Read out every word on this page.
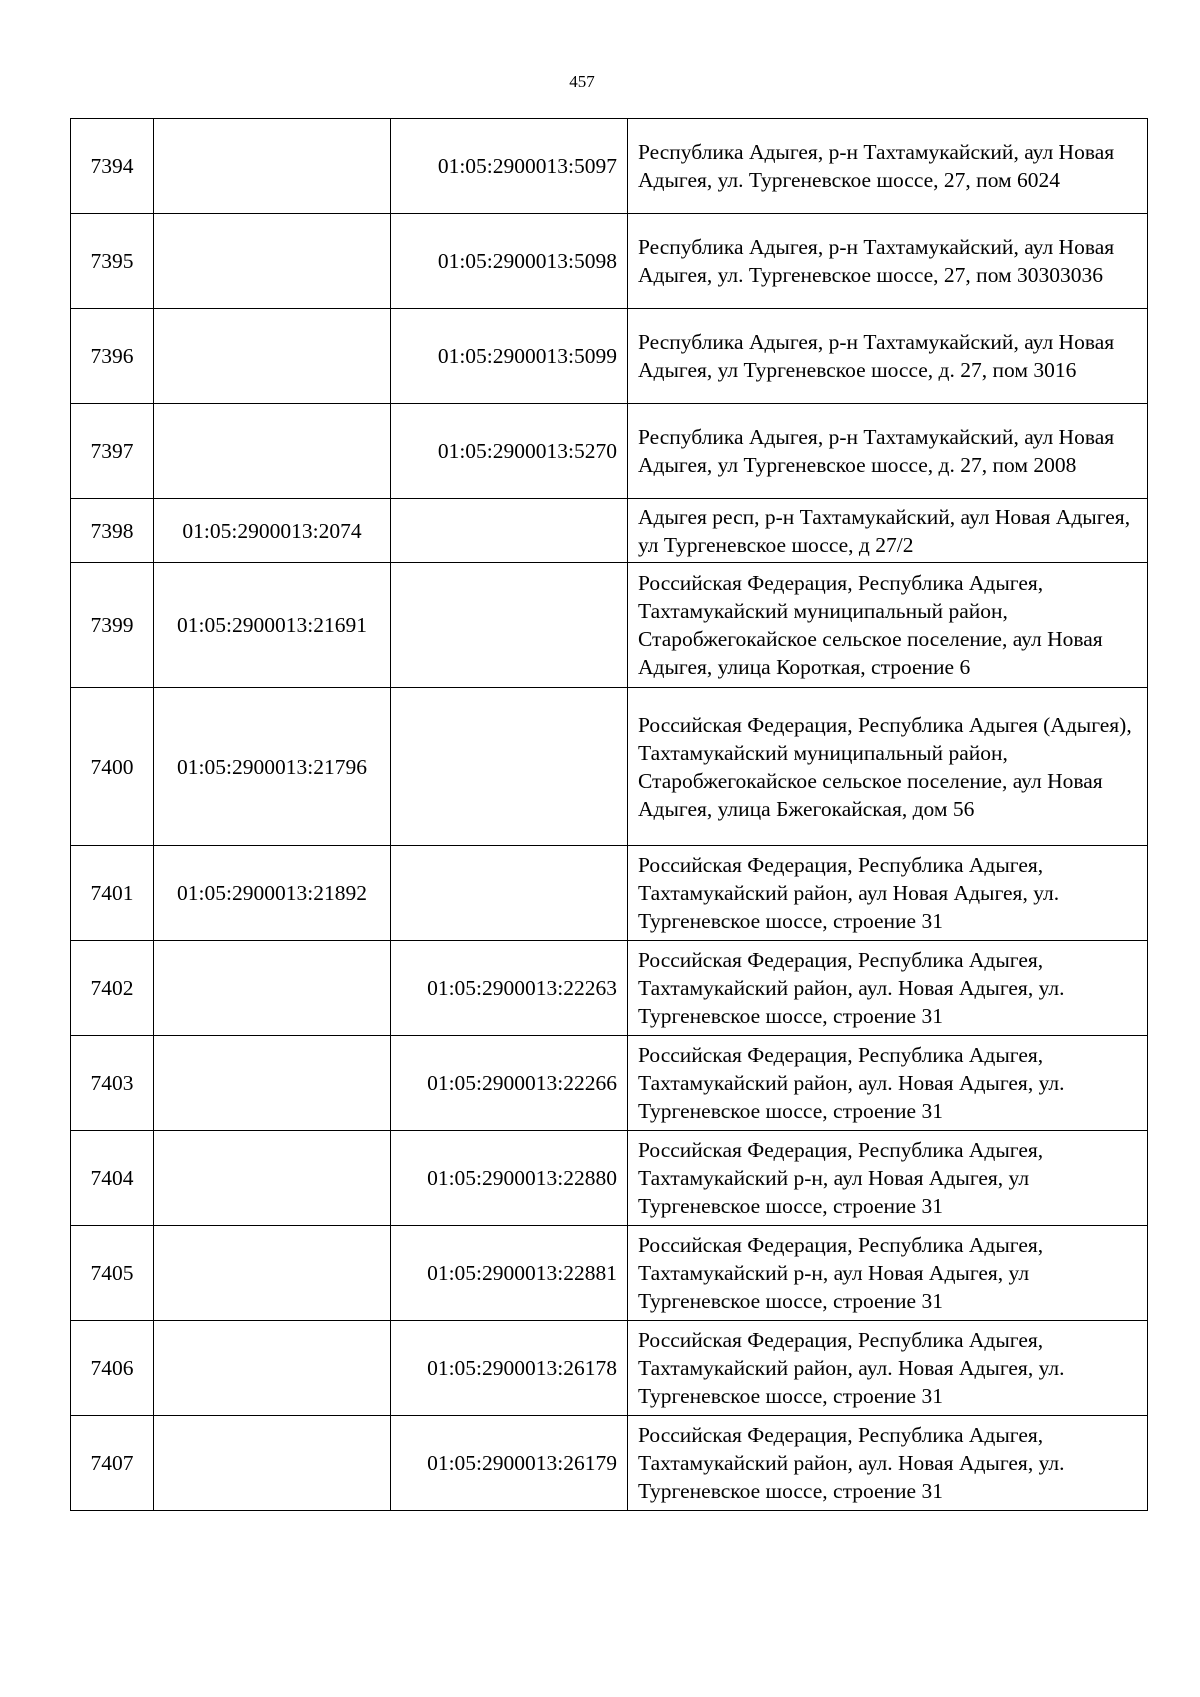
457
7394		01:05:2900013:5097	Республика Адыгея, р-н Тахтамукайский, аул Новая Адыгея, ул. Тургеневское шоссе, 27, пом 6024
7395		01:05:2900013:5098	Республика Адыгея, р-н Тахтамукайский, аул Новая Адыгея, ул. Тургеневское шоссе, 27, пом 30303036
7396		01:05:2900013:5099	Республика Адыгея, р-н Тахтамукайский, аул Новая Адыгея, ул Тургеневское шоссе, д. 27, пом 3016
7397		01:05:2900013:5270	Республика Адыгея, р-н Тахтамукайский, аул Новая Адыгея, ул Тургеневское шоссе, д. 27, пом 2008
7398	01:05:2900013:2074		Адыгея респ, р-н Тахтамукайский, аул Новая Адыгея, ул Тургеневское шоссе, д 27/2
7399	01:05:2900013:21691		Российская Федерация, Республика Адыгея, Тахтамукайский муниципальный район, Старобжегокайское сельское поселение, аул Новая Адыгея, улица Короткая, строение 6
7400	01:05:2900013:21796		Российская Федерация, Республика Адыгея (Адыгея), Тахтамукайский муниципальный район, Старобжегокайское сельское поселение, аул Новая Адыгея, улица Бжегокайская, дом 56
7401	01:05:2900013:21892		Российская Федерация, Республика Адыгея, Тахтамукайский район, аул Новая Адыгея, ул. Тургеневское шоссе, строение 31
7402		01:05:2900013:22263	Российская Федерация, Республика Адыгея, Тахтамукайский район, аул. Новая Адыгея, ул. Тургеневское шоссе, строение 31
7403		01:05:2900013:22266	Российская Федерация, Республика Адыгея, Тахтамукайский район, аул. Новая Адыгея, ул. Тургеневское шоссе, строение 31
7404		01:05:2900013:22880	Российская Федерация, Республика Адыгея, Тахтамукайский р-н, аул Новая Адыгея, ул Тургеневское шоссе, строение 31
7405		01:05:2900013:22881	Российская Федерация, Республика Адыгея, Тахтамукайский р-н, аул Новая Адыгея, ул Тургеневское шоссе, строение 31
7406		01:05:2900013:26178	Российская Федерация, Республика Адыгея, Тахтамукайский район, аул. Новая Адыгея, ул. Тургеневское шоссе, строение 31
7407		01:05:2900013:26179	Российская Федерация, Республика Адыгея, Тахтамукайский район, аул. Новая Адыгея, ул. Тургеневское шоссе, строение 31
